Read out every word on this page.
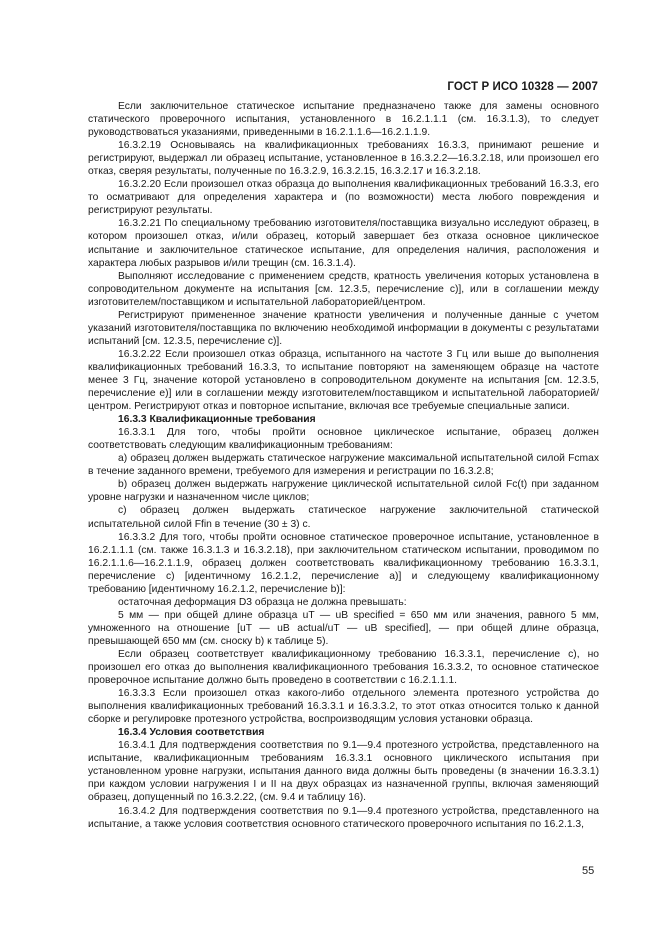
ГОСТ Р ИСО 10328 — 2007

Если заключительное статическое испытание предназначено также для замены основного статического проверочного испытания, установленного в 16.2.1.1.1 (см. 16.3.1.3), то следует руководствоваться указаниями, приведенными в 16.2.1.1.6—16.2.1.1.9.

16.3.2.19 Основываясь на квалификационных требованиях 16.3.3, принимают решение и регистрируют, выдержал ли образец испытание, установленное в 16.3.2.2—16.3.2.18, или произошел его отказ, сверяя результаты, полученные по 16.3.2.9, 16.3.2.15, 16.3.2.17 и 16.3.2.18.

16.3.2.20 Если произошел отказ образца до выполнения квалификационных требований 16.3.3, его то осматривают для определения характера и (по возможности) места любого повреждения и регистрируют результаты.

16.3.2.21 По специальному требованию изготовителя/поставщика визуально исследуют образец, в котором произошел отказ, и/или образец, который завершает без отказа основное циклическое испытание и заключительное статическое испытание, для определения наличия, расположения и характера любых разрывов и/или трещин (см. 16.3.1.4).

Выполняют исследование с применением средств, кратность увеличения которых установлена в сопроводительном документе на испытания [см. 12.3.5, перечисление с)], или в соглашении между изготовителем/поставщиком и испытательной лабораторией/центром.

Регистрируют примененное значение кратности увеличения и полученные данные с учетом указаний изготовителя/поставщика по включению необходимой информации в документы с результатами испытаний [см. 12.3.5, перечисление с)].

16.3.2.22 Если произошел отказ образца, испытанного на частоте 3 Гц или выше до выполнения квалификационных требований 16.3.3, то испытание повторяют на заменяющем образце на частоте менее 3 Гц, значение которой установлено в сопроводительном документе на испытания [см. 12.3.5, перечисление е)] или в соглашении между изготовителем/поставщиком и испытательной лабораторией/центром. Регистрируют отказ и повторное испытание, включая все требуемые специальные записи.

16.3.3 Квалификационные требования

16.3.3.1 Для того, чтобы пройти основное циклическое испытание, образец должен соответствовать следующим квалификационным требованиям:

а) образец должен выдержать статическое нагружение максимальной испытательной силой Fcmax в течение заданного времени, требуемого для измерения и регистрации по 16.3.2.8;

b) образец должен выдержать нагружение циклической испытательной силой Fc(t) при заданном уровне нагрузки и назначенном числе циклов;

с) образец должен выдержать статическое нагружение заключительной статической испытательной силой Ffin в течение (30 ± 3) с.

16.3.3.2 Для того, чтобы пройти основное статическое проверочное испытание, установленное в 16.2.1.1.1 (см. также 16.3.1.3 и 16.3.2.18), при заключительном статическом испытании, проводимом по 16.2.1.1.6—16.2.1.1.9, образец должен соответствовать квалификационному требованию 16.3.3.1, перечисление с) [идентичному 16.2.1.2, перечисление а)] и следующему квалификационному требованию [идентичному 16.2.1.2, перечисление b)]:

остаточная деформация D3 образца не должна превышать:

5 мм — при общей длине образца uT — uB specified = 650 мм или значения, равного 5 мм, умноженного на отношение [uT — uB actual/uT — uB specified], — при общей длине образца, превышающей 650 мм (см. сноску b) к таблице 5).

Если образец соответствует квалификационному требованию 16.3.3.1, перечисление с), но произошел его отказ до выполнения квалификационного требования 16.3.3.2, то основное статическое проверочное испытание должно быть проведено в соответствии с 16.2.1.1.1.

16.3.3.3 Если произошел отказ какого-либо отдельного элемента протезного устройства до выполнения квалификационных требований 16.3.3.1 и 16.3.3.2, то этот отказ относится только к данной сборке и регулировке протезного устройства, воспроизводящим условия установки образца.

16.3.4 Условия соответствия

16.3.4.1 Для подтверждения соответствия по 9.1—9.4 протезного устройства, представленного на испытание, квалификационным требованиям 16.3.3.1 основного циклического испытания при установленном уровне нагрузки, испытания данного вида должны быть проведены (в значении 16.3.3.1) при каждом условии нагружения I и II на двух образцах из назначенной группы, включая заменяющий образец, допущенный по 16.3.2.22, (см. 9.4 и таблицу 16).

16.3.4.2 Для подтверждения соответствия по 9.1—9.4 протезного устройства, представленного на испытание, а также условия соответствия основного статического проверочного испытания по 16.2.1.3,

55
